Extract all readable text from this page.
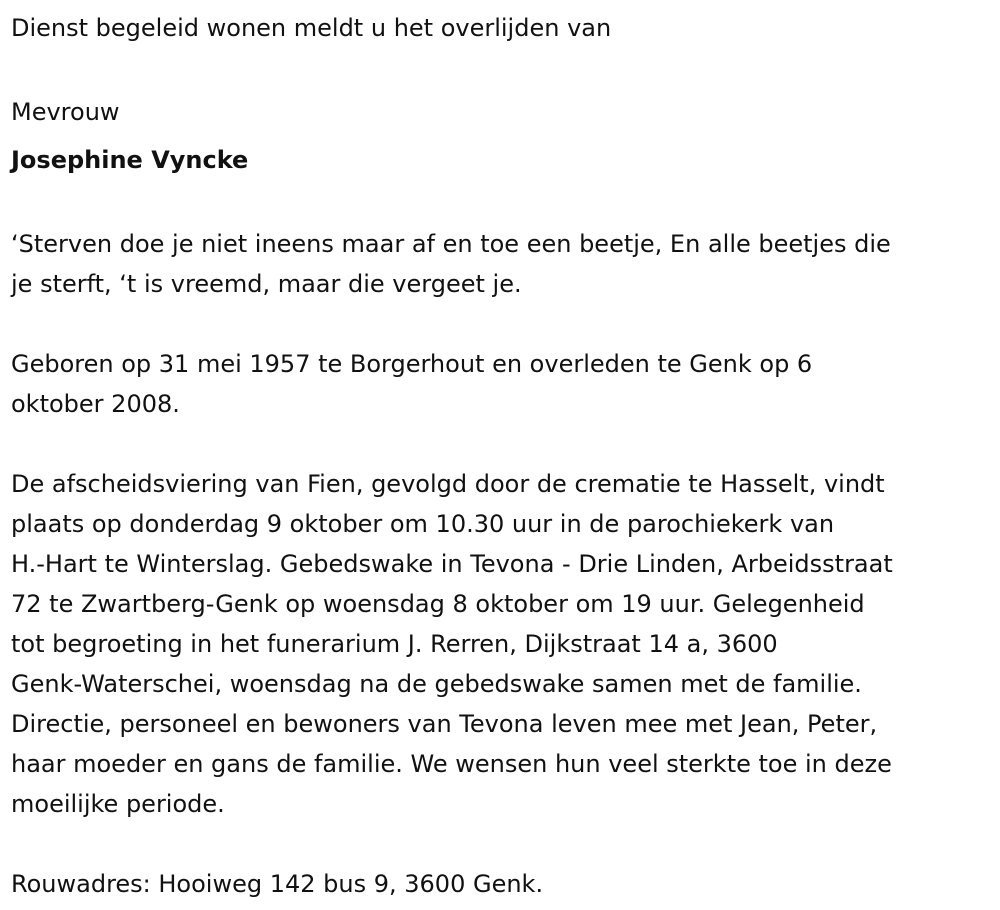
Dienst begeleid wonen meldt u het overlijden van

Mevrouw

Josephine Vyncke

‘Sterven doe je niet ineens maar af en toe een beetje, En alle beetjes die

je sterft, ‘t is vreemd, maar die vergeet je.

Geboren op 31 mei 1957 te Borgerhout en overleden te Genk op 6

oktober 2008.

De afscheidsviering van Fien, gevolgd door de crematie te Hasselt, vindt

plaats op donderdag 9 oktober om 10.30 uur in de parochiekerk van

H.-Hart te Winterslag. Gebedswake in Tevona - Drie Linden, Arbeidsstraat

72 te Zwartberg-Genk op woensdag 8 oktober om 19 uur. Gelegenheid

tot begroeting in het funerarium J. Rerren, Dijkstraat 14 a, 3600

Genk-Waterschei, woensdag na de gebedswake samen met de familie.

Directie, personeel en bewoners van Tevona leven mee met Jean, Peter,

haar moeder en gans de familie. We wensen hun veel sterkte toe in deze

moeilijke periode.

Rouwadres: Hooiweg 142 bus 9, 3600 Genk.
